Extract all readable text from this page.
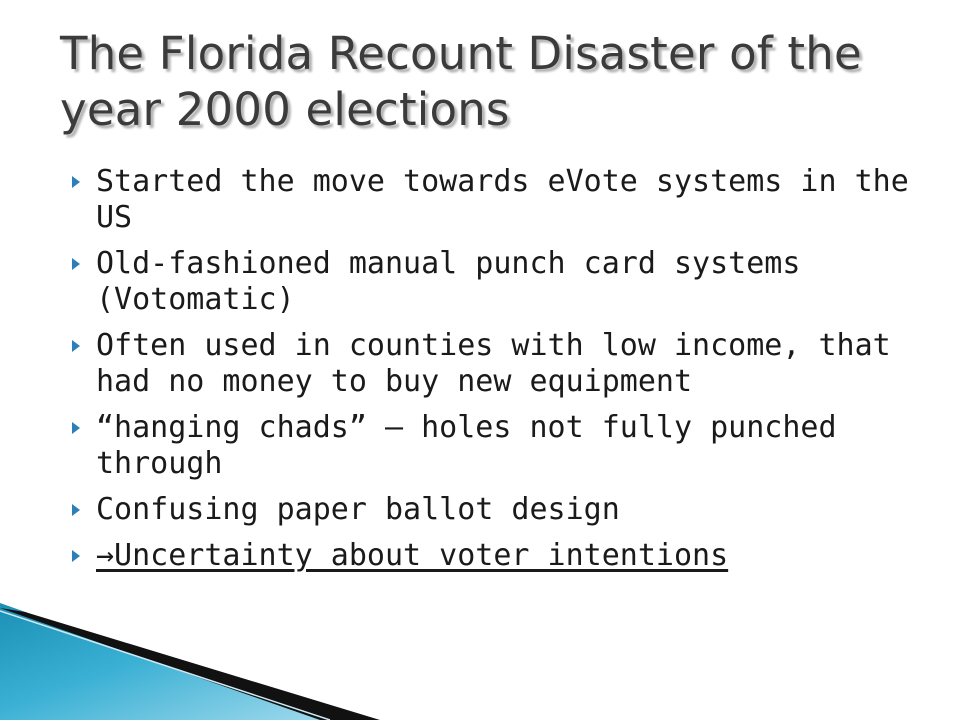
The Florida Recount Disaster of the year 2000 elections
Started the move towards eVote systems in the US
Old-fashioned manual punch card systems (Votomatic)
Often used in counties with low income, that had no money to buy new equipment
“hanging chads” – holes not fully punched through
Confusing paper ballot design
→Uncertainty about voter intentions
